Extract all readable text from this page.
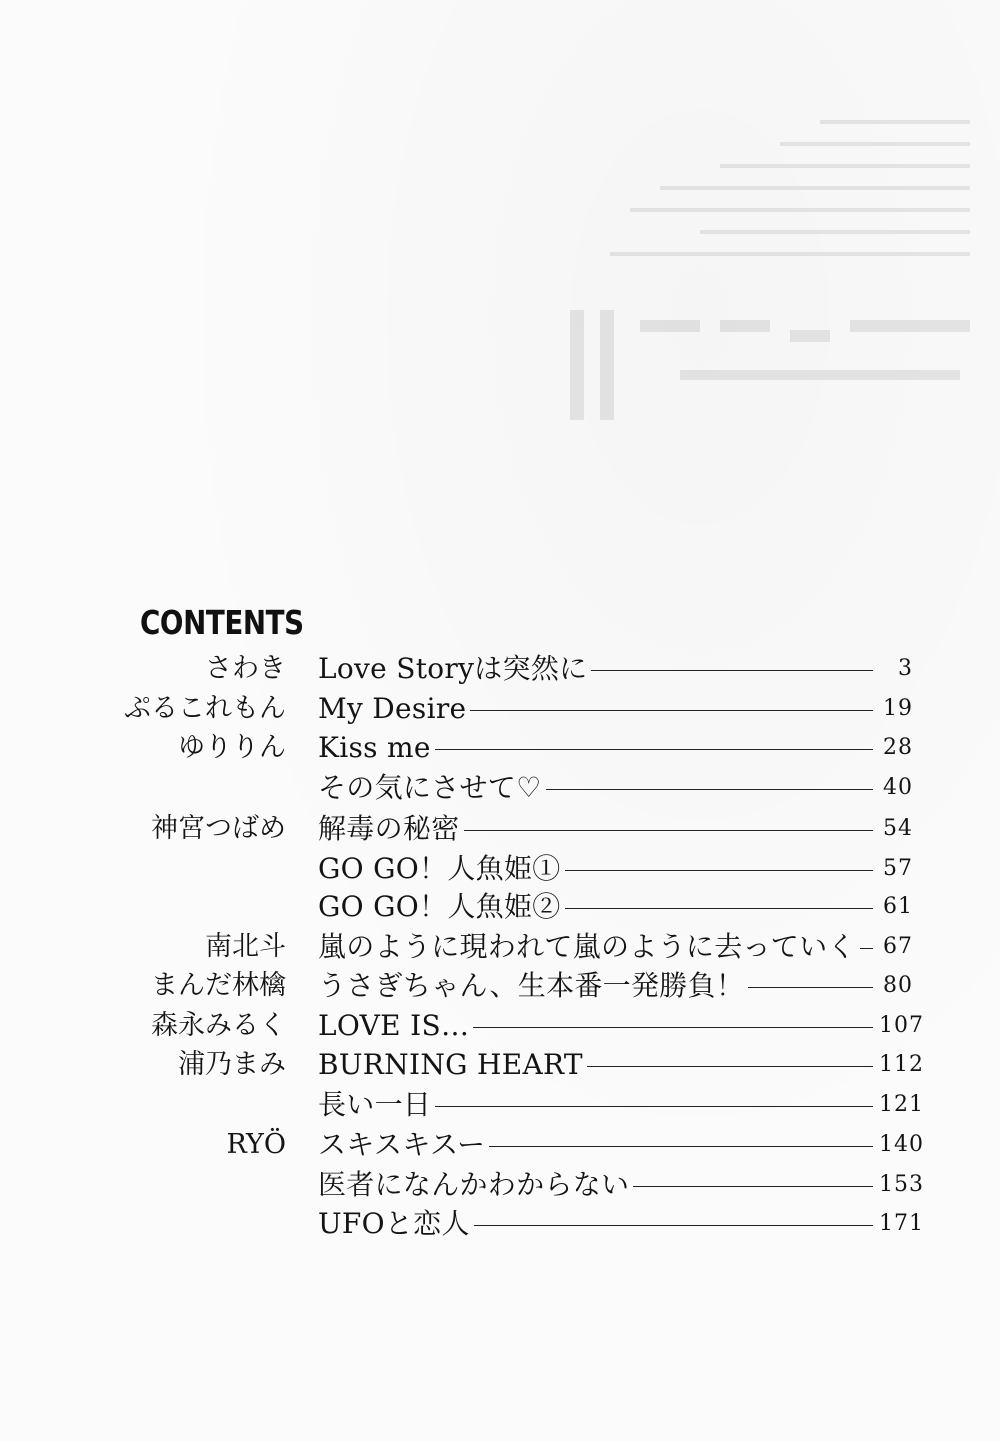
CONTENTS
さわき Love Storyは突然に	3
ぷるこれもん My Desire	19
ゆりりん Kiss me	28
その気にさせて♡	40
神宮つばめ 解毒の秘密	54
GO GO！人魚姫①	57
GO GO！人魚姫②	61
南北斗 嵐のように現われて嵐のように去っていく 67
まんだ林檎 うさぎちゃん、生本番一発勝負！	80
森永みるく LOVE IS…	107
浦乃まみ BURNING HEART	112
長い一日	121
RYÖ スキスキスー	140
医者になんかわからない	153
UFOと恋人	171
